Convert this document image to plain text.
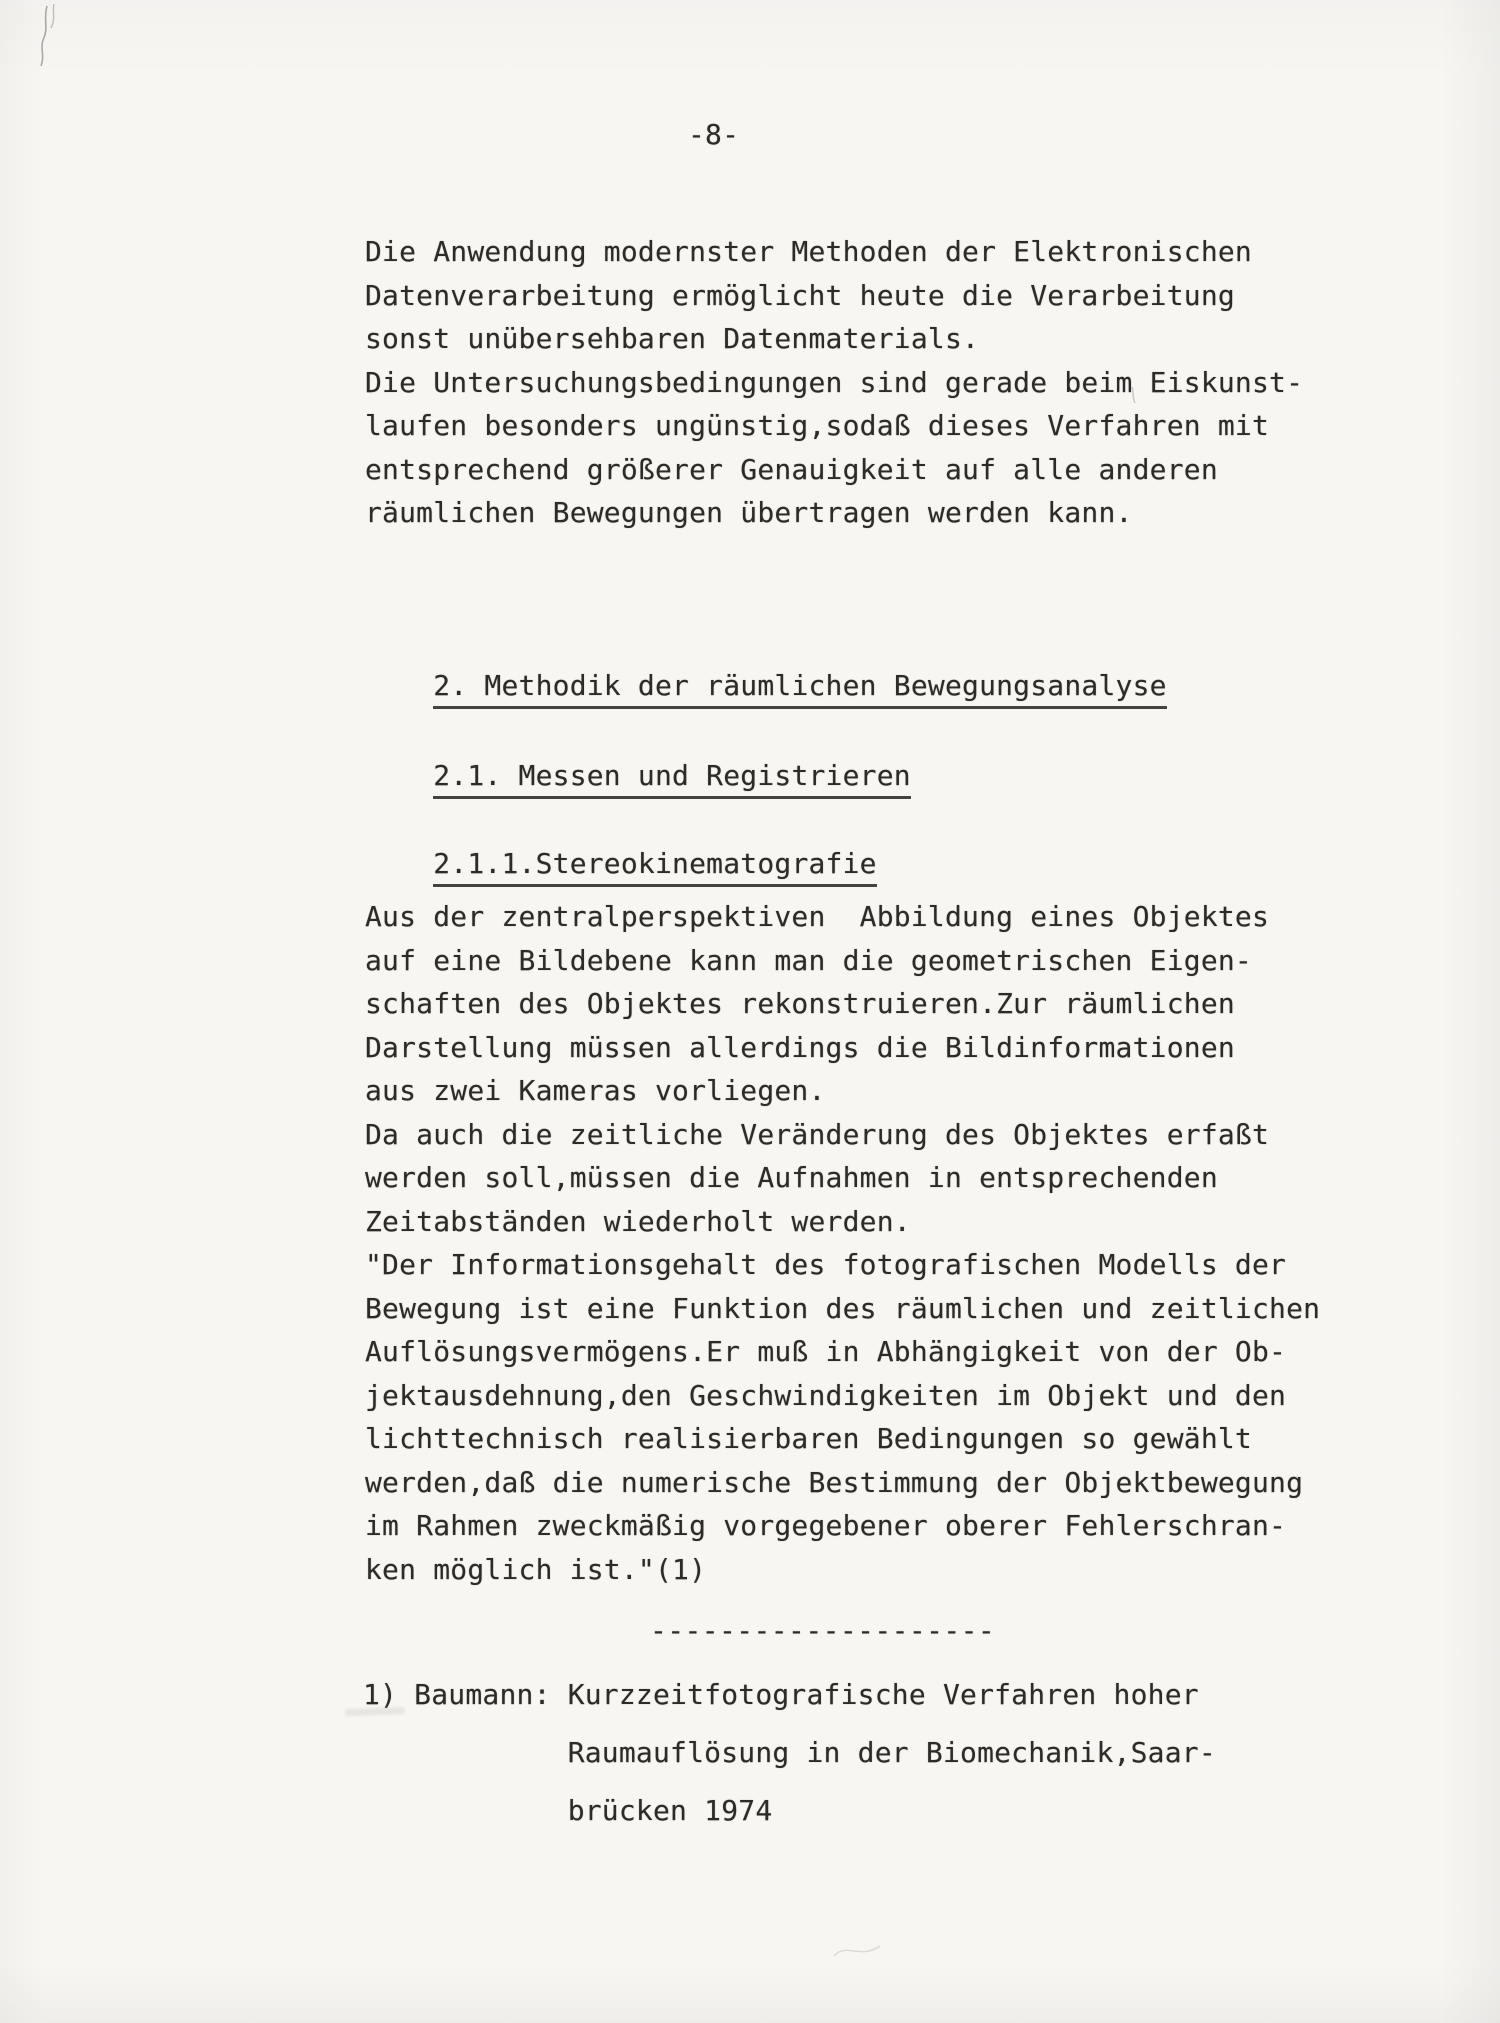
-8-
Die Anwendung modernster Methoden der Elektronischen
Datenverarbeitung ermöglicht heute die Verarbeitung
sonst unübersehbaren Datenmaterials.
Die Untersuchungsbedingungen sind gerade beim Eiskunst-
laufen besonders ungünstig,sodaß dieses Verfahren mit
entsprechend größerer Genauigkeit auf alle anderen
räumlichen Bewegungen übertragen werden kann.

2. Methodik der räumlichen Bewegungsanalyse

2.1. Messen und Registrieren

2.1.1.Stereokinematografie

Aus der zentralperspektiven  Abbildung eines Objektes
auf eine Bildebene kann man die geometrischen Eigen-
schaften des Objektes rekonstruieren.Zur räumlichen
Darstellung müssen allerdings die Bildinformationen
aus zwei Kameras vorliegen.
Da auch die zeitliche Veränderung des Objektes erfaßt
werden soll,müssen die Aufnahmen in entsprechenden
Zeitabständen wiederholt werden.
"Der Informationsgehalt des fotografischen Modells der
Bewegung ist eine Funktion des räumlichen und zeitlichen
Auflösungsvermögens.Er muß in Abhängigkeit von der Ob-
jektausdehnung,den Geschwindigkeiten im Objekt und den
lichttechnisch realisierbaren Bedingungen so gewählt
werden,daß die numerische Bestimmung der Objektbewegung
im Rahmen zweckmäßig vorgegebener oberer Fehlerschran-
ken möglich ist."(1)
--------------------
1) Baumann: Kurzzeitfotografische Verfahren hoher
Raumauflösung in der Biomechanik,Saar-
brücken 1974
